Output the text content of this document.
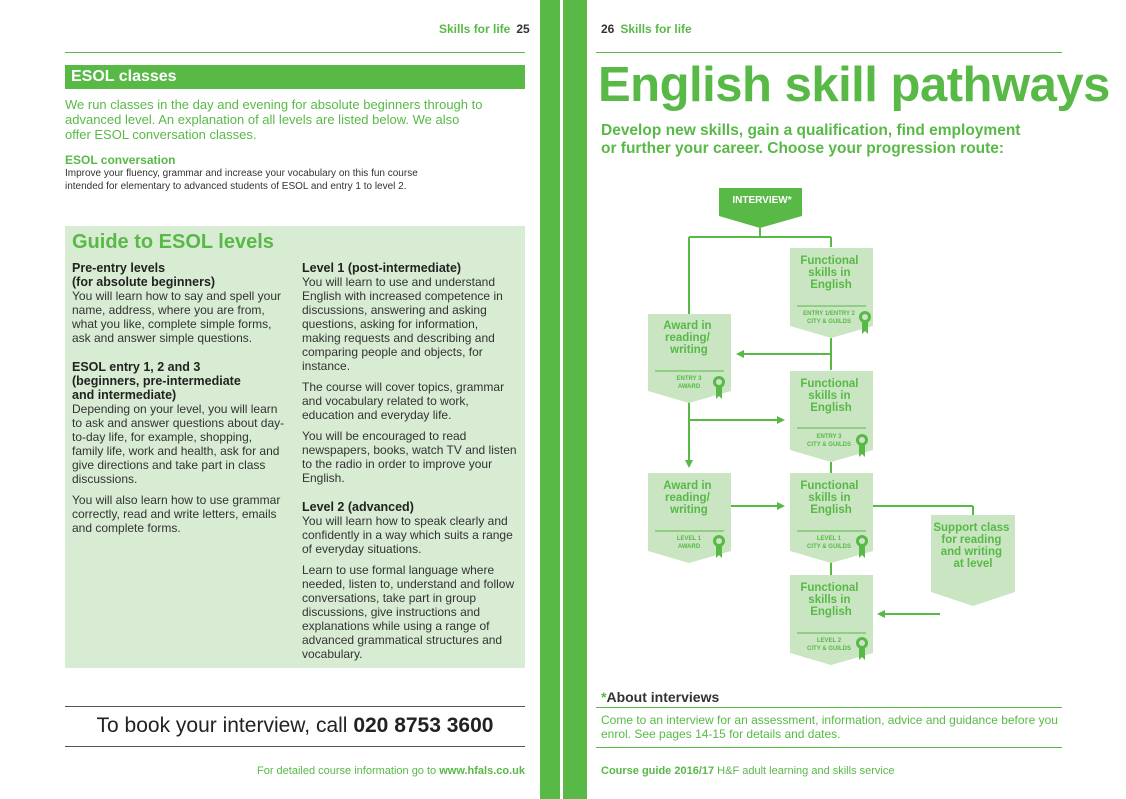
Skills for life 25
ESOL classes
We run classes in the day and evening for absolute beginners through to advanced level. An explanation of all levels are listed below. We also offer ESOL conversation classes.
ESOL conversation
Improve your fluency, grammar and increase your vocabulary on this fun course intended for elementary to advanced students of ESOL and entry 1 to level 2.
Guide to ESOL levels
Pre-entry levels
(for absolute beginners)

You will learn how to say and spell your name, address, where you are from, what you like, complete simple forms, ask and answer simple questions.

ESOL entry 1, 2 and 3
(beginners, pre-intermediate
and intermediate)

Depending on your level, you will learn to ask and answer questions about day-to-day life, for example, shopping, family life, work and health, ask for and give directions and take part in class discussions.

You will also learn how to use grammar correctly, read and write letters, emails and complete forms.

Level 1 (post-intermediate)

You will learn to use and understand English with increased competence in discussions, answering and asking questions, asking for information, making requests and describing and comparing people and objects, for instance.

The course will cover topics, grammar and vocabulary related to work, education and everyday life.

You will be encouraged to read newspapers, books, watch TV and listen to the radio in order to improve your English.

Level 2 (advanced)

You will learn how to speak clearly and confidently in a way which suits a range of everyday situations.

Learn to use formal language where needed, listen to, understand and follow conversations, take part in group discussions, give instructions and explanations while using a range of advanced grammatical structures and vocabulary.

To book your interview, call 020 8753 3600
For detailed course information go to www.hfals.co.uk
26 Skills for life
English skill pathways
Develop new skills, gain a qualification, find employment or further your career. Choose your progression route:
INTERVIEW*
Functional skills in English
ENTRY 1/ENTRY 2
CITY & GUILDS
Award in reading/ writing
ENTRY 3
AWARD	Functional skills in English
ENTRY 3
CITY & GUILDS
Award in reading/ writing
LEVEL 1
AWARD
Functional skills in English
LEVEL 1
CITY & GUILDS
Support class for reading and writing at level
Functional skills in English
LEVEL 2
CITY & GUILDS
*About interviews
Come to an interview for an assessment, information, advice and guidance before you enrol. See pages 14-15 for details and dates.
Course guide 2016/17 H&F adult learning and skills service
